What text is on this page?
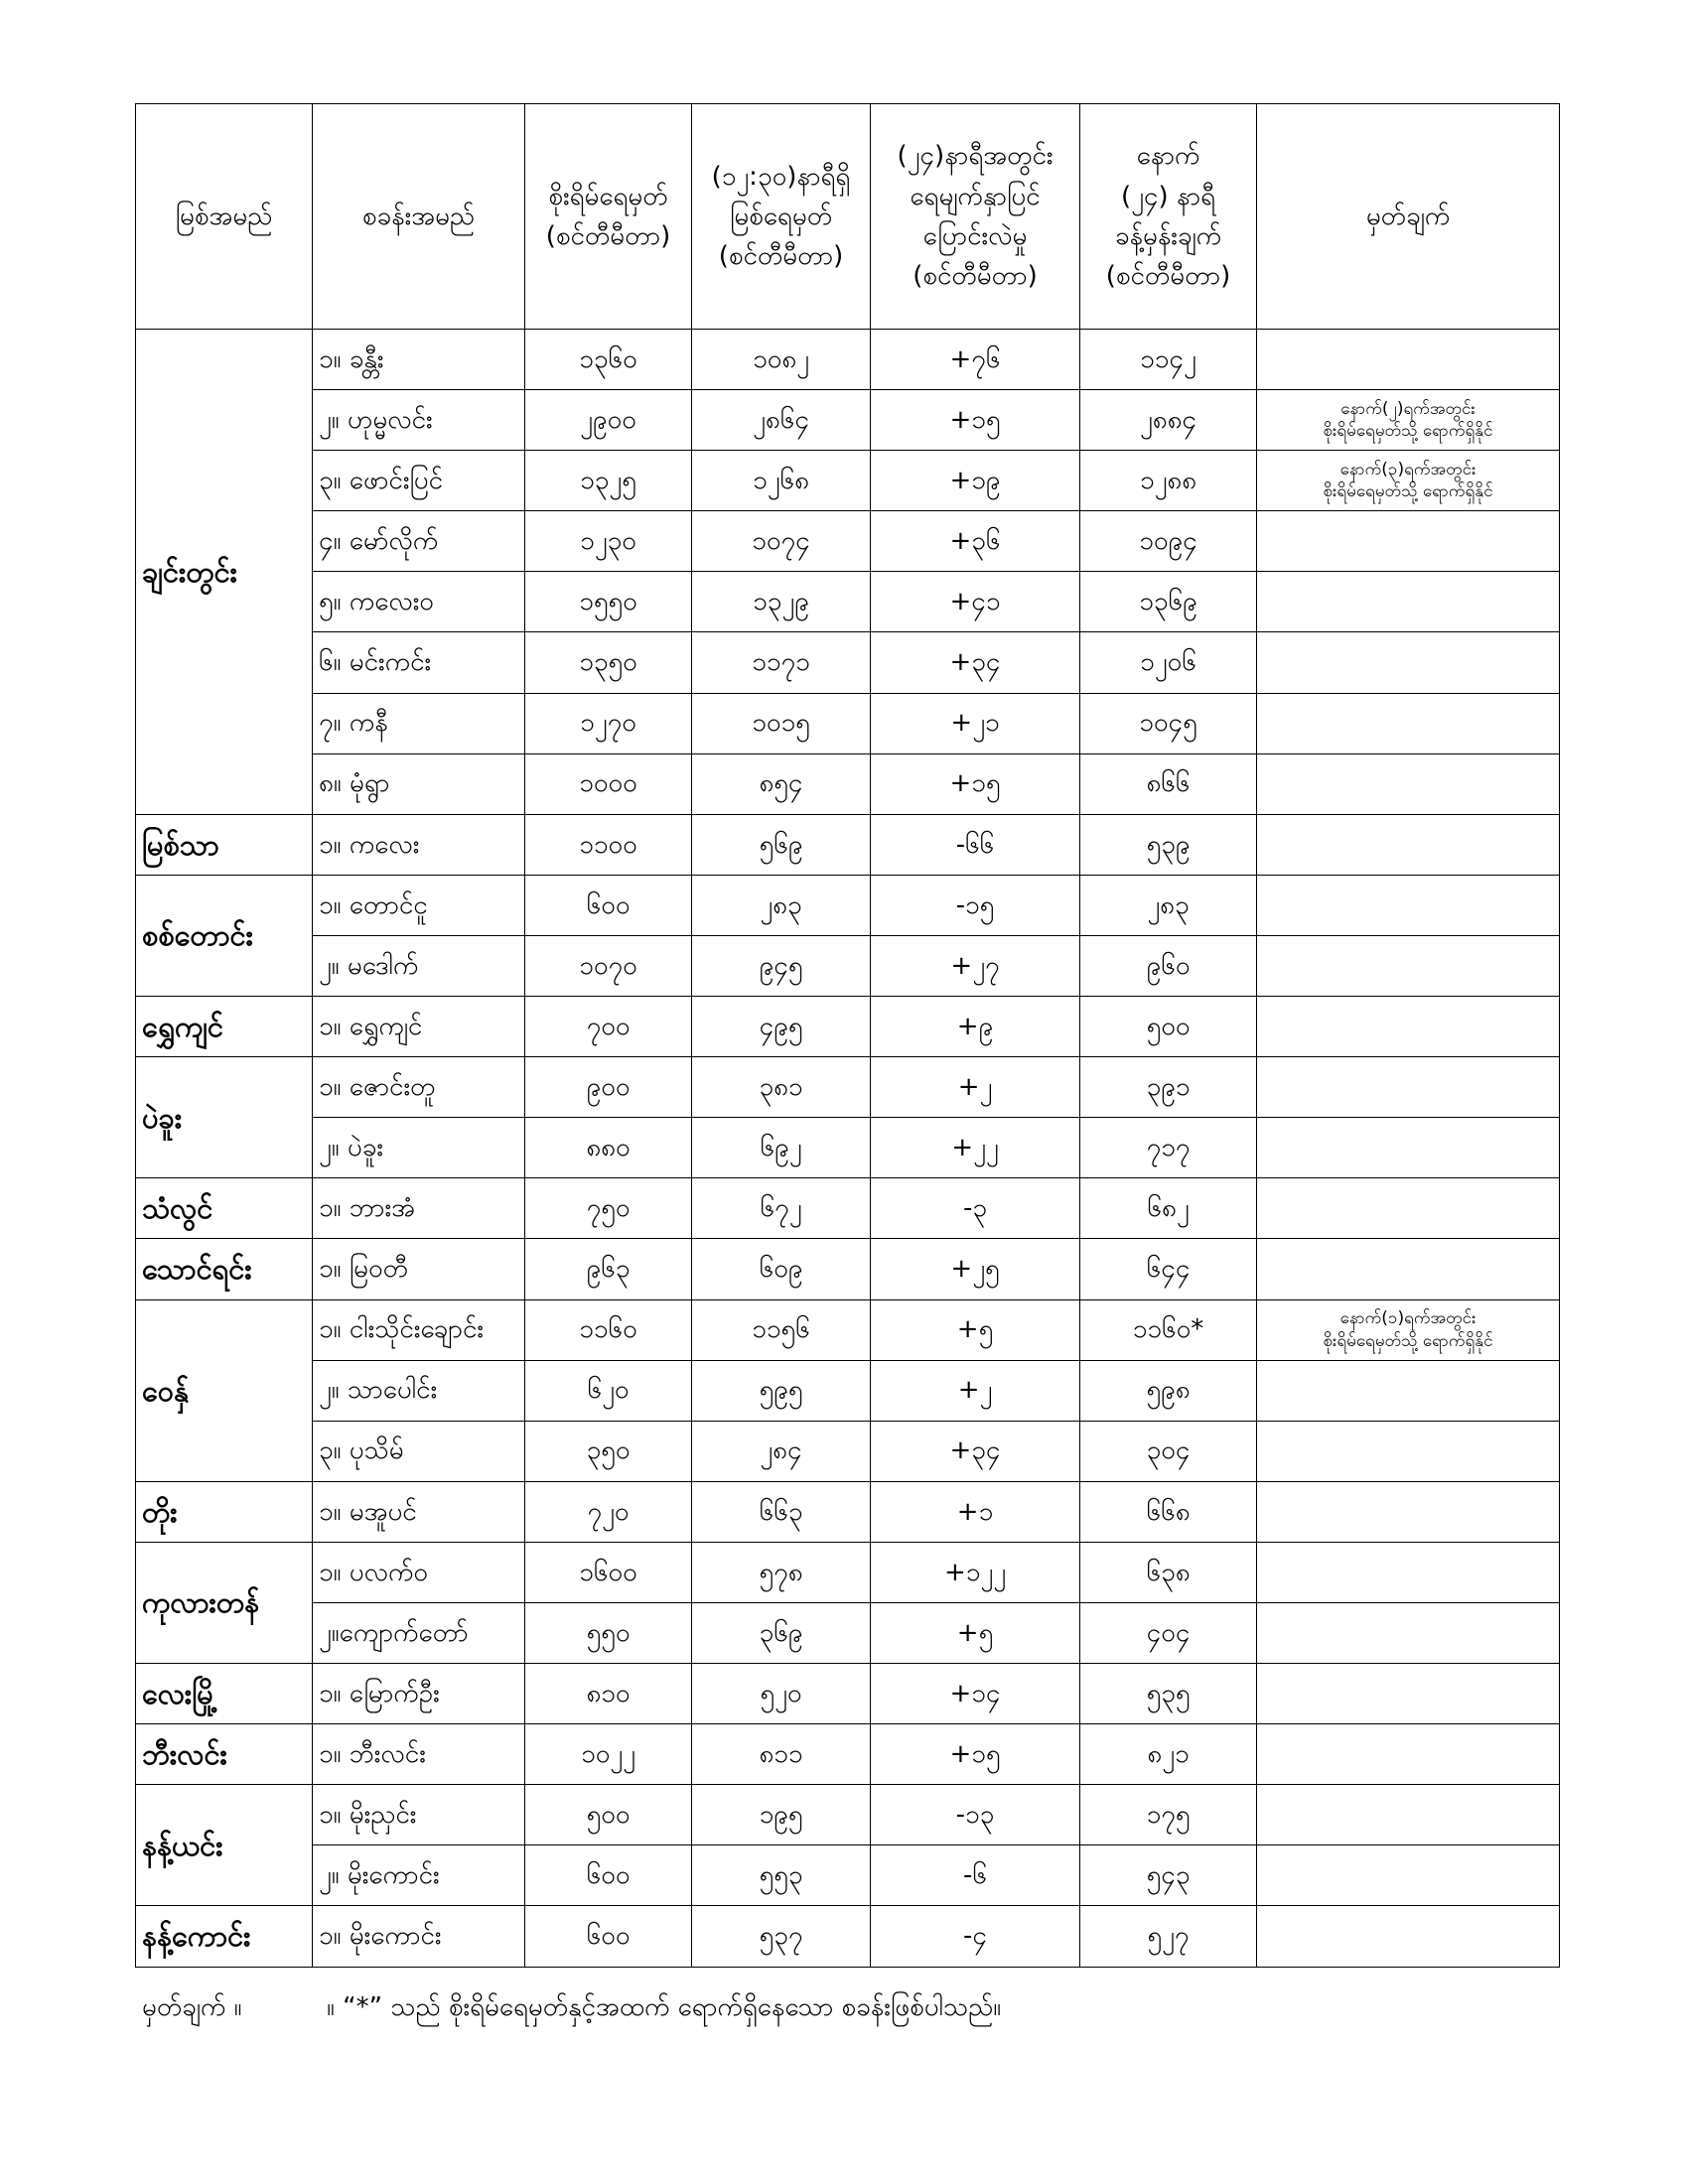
မြစ်အမည်	စခန်းအမည်	စိုးရိမ်ရေမှတ်
(စင်တီမီတာ)	(၁၂:၃၀)နာရီရှိ
မြစ်ရေမှတ်
(စင်တီမီတာ)	(၂၄)နာရီအတွင်း
ရေမျက်နှာပြင်
ပြောင်းလဲမှု
(စင်တီမီတာ)	နောက်
(၂၄) နာရီ
ခန့်မှန်းချက်
(စင်တီမီတာ)	မှတ်ချက်

ချင်းတွင်း	၁။ ခန္တီး	၁၃၆၀	၁၀၈၂	+၇၆	၁၁၄၂	

	၂။ ဟုမ္မလင်း	၂၉၀၀	၂၈၆၄	+၁၅	၂၈၈၄	နောက်(၂)ရက်အတွင်း
စိုးရိမ်ရေမှတ်သို့ ရောက်ရှိနိုင်

	၃။ ဖောင်းပြင်	၁၃၂၅	၁၂၆၈	+၁၉	၁၂၈၈	နောက်(၃)ရက်အတွင်း
စိုးရိမ်ရေမှတ်သို့ ရောက်ရှိနိုင်

	၄။ မော်လိုက်	၁၂၃၀	၁၀၇၄	+၃၆	၁၀၉၄	

	၅။ ကလေးဝ	၁၅၅၀	၁၃၂၉	+၄၁	၁၃၆၉	

	၆။ မင်းကင်း	၁၃၅၀	၁၁၇၁	+၃၄	၁၂၀၆	

	၇။ ကနီ	၁၂၇၀	၁၀၁၅	+၂၁	၁၀၄၅	

	၈။ မုံရွာ	၁၀၀၀	၈၅၄	+၁၅	၈၆၆	

မြစ်သာ	၁။ ကလေး	၁၁၀၀	၅၆၉	-၆၆	၅၃၉	

စစ်တောင်း	၁။ တောင်ငူ	၆၀၀	၂၈၃	-၁၅	၂၈၃	

	၂။ မဒေါက်	၁၀၇၀	၉၄၅	+၂၇	၉၆၀	

ရွှေကျင်	၁။ ရွှေကျင်	၇၀၀	၄၉၅	+၉	၅၀၀	

ပဲခူး	၁။ ဇောင်းတူ	၉၀၀	၃၈၁	+၂	၃၉၁	

	၂။ ပဲခူး	၈၈၀	၆၉၂	+၂၂	၇၁၇	

သံလွင်	၁။ ဘားအံ	၇၅၀	၆၇၂	-၃	၆၈၂	

သောင်ရင်း	၁။ မြဝတီ	၉၆၃	၆၀၉	+၂၅	၆၄၄	

ဝေနှ်	၁။ ငါးသိုင်းချောင်း	၁၁၆၀	၁၁၅၆	+၅	၁၁၆၀*	နောက်(၁)ရက်အတွင်း
စိုးရိမ်ရေမှတ်သို့ ရောက်ရှိနိုင်

	၂။ သာပေါင်း	၆၂၀	၅၉၅	+၂	၅၉၈	

	၃။ ပုသိမ်	၃၅၀	၂၈၄	+၃၄	၃၀၄	

တိုး	၁။ မအူပင်	၇၂၀	၆၆၃	+၁	၆၆၈	

ကုလားတန်	၁။ ပလက်ဝ	၁၆၀၀	၅၇၈	+၁၂၂	၆၃၈	

	၂။ကျောက်တော်	၅၅၀	၃၆၉	+၅	၄၀၄	

လေးမြို့	၁။ မြောက်ဦး	၈၁၀	၅၂၀	+၁၄	၅၃၅	

ဘီးလင်း	၁။ ဘီးလင်း	၁၀၂၂	၈၁၁	+၁၅	၈၂၁	

နန့်ယင်း	၁။ မိုးညှင်း	၅၀၀	၁၉၅	-၁၃	၁၇၅	

	၂။ မိုးကောင်း	၆၀၀	၅၅၃	-၆	၅၄၃	

နန့်ကောင်း	၁။ မိုးကောင်း	၆၀၀	၅၃၇	-၄	၅၂၇	
မှတ်ချက် ။	။ “*” သည် စိုးရိမ်ရေမှတ်နှင့်အထက် ရောက်ရှိနေသော စခန်းဖြစ်ပါသည်။
